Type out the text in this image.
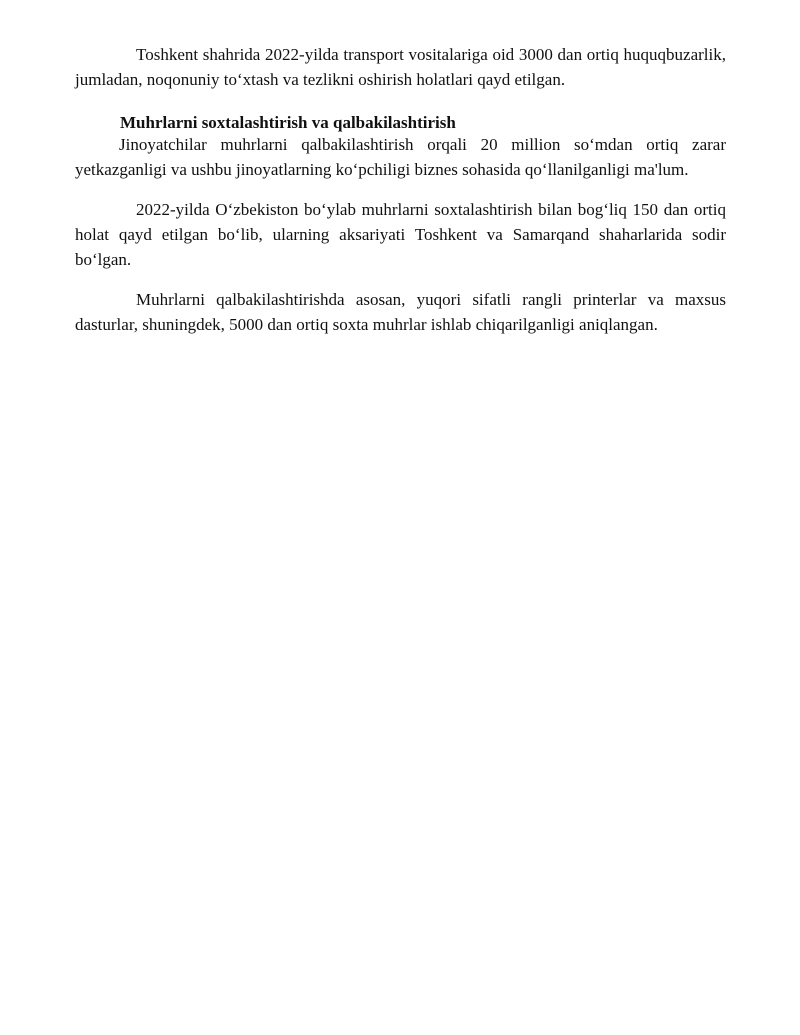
Toshkent shahrida 2022-yilda transport vositalariga oid 3000 dan ortiq huquqbuzarlik, jumladan, noqonuniy to‘xtash va tezlikni oshirish holatlari qayd etilgan.

Muhrlarni soxtalashtirish va qalbakilashtirish

Jinoyatchilar muhrlarni qalbakilashtirish orqali 20 million so‘mdan ortiq zarar yetkazganligi va ushbu jinoyatlarning ko‘pchiligi biznes sohasida qo‘llanilganligi ma'lum.

2022-yilda O‘zbekiston bo‘ylab muhrlarni soxtalashtirish bilan bog‘liq 150 dan ortiq holat qayd etilgan bo‘lib, ularning aksariyati Toshkent va Samarqand shaharlarida sodir bo‘lgan.

Muhrlarni qalbakilashtirishda asosan, yuqori sifatli rangli printerlar va maxsus dasturlar, shuningdek, 5000 dan ortiq soxta muhrlar ishlab chiqarilganligi aniqlangan.
